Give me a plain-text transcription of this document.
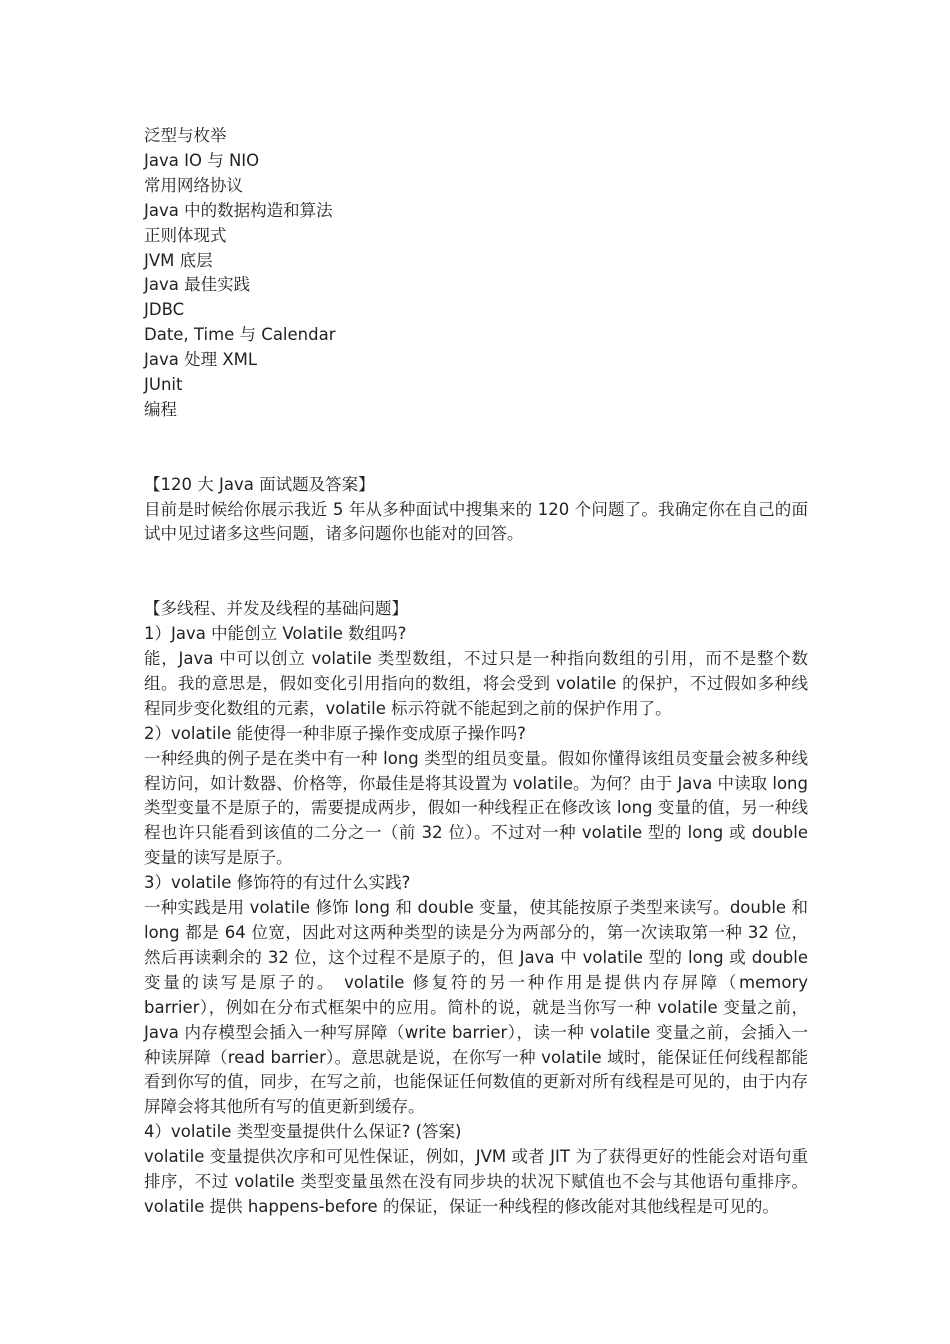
泛型与枚举
Java IO 与 NIO
常用网络协议
Java 中的数据构造和算法
正则体现式
JVM 底层
Java 最佳实践
JDBC
Date, Time 与 Calendar
Java 处理 XML
JUnit
编程
【120 大 Java 面试题及答案】
目前是时候给你展示我近 5 年从多种面试中搜集来的 120 个问题了。我确定你在自己的面试中见过诸多这些问题，诸多问题你也能对的回答。
【多线程、并发及线程的基础问题】
1）Java 中能创立 Volatile 数组吗?
能，Java 中可以创立 volatile 类型数组，不过只是一种指向数组的引用，而不是整个数组。我的意思是，假如变化引用指向的数组，将会受到 volatile 的保护，不过假如多种线程同步变化数组的元素，volatile 标示符就不能起到之前的保护作用了。
2）volatile 能使得一种非原子操作变成原子操作吗?
一种经典的例子是在类中有一种 long 类型的组员变量。假如你懂得该组员变量会被多种线程访问，如计数器、价格等，你最佳是将其设置为 volatile。为何？由于 Java 中读取 long 类型变量不是原子的，需要提成两步，假如一种线程正在修改该 long 变量的值，另一种线程也许只能看到该值的二分之一（前 32 位）。不过对一种 volatile 型的 long 或 double 变量的读写是原子。
3）volatile 修饰符的有过什么实践?
一种实践是用 volatile 修饰 long 和 double 变量，使其能按原子类型来读写。double 和 long 都是 64 位宽，因此对这两种类型的读是分为两部分的，第一次读取第一种 32 位，然后再读剩余的 32 位，这个过程不是原子的，但 Java 中 volatile 型的 long 或 double 变量的读写是原子的。 volatile 修复符的另一种作用是提供内存屏障（memory barrier），例如在分布式框架中的应用。简朴的说，就是当你写一种 volatile 变量之前，Java 内存模型会插入一种写屏障（write barrier），读一种 volatile 变量之前，会插入一种读屏障（read barrier）。意思就是说，在你写一种 volatile 域时，能保证任何线程都能看到你写的值，同步，在写之前，也能保证任何数值的更新对所有线程是可见的，由于内存屏障会将其他所有写的值更新到缓存。
4）volatile 类型变量提供什么保证? (答案)
volatile 变量提供次序和可见性保证，例如，JVM 或者 JIT 为了获得更好的性能会对语句重排序，不过 volatile 类型变量虽然在没有同步块的状况下赋值也不会与其他语句重排序。 volatile 提供 happens-before 的保证，保证一种线程的修改能对其他线程是可见的。
